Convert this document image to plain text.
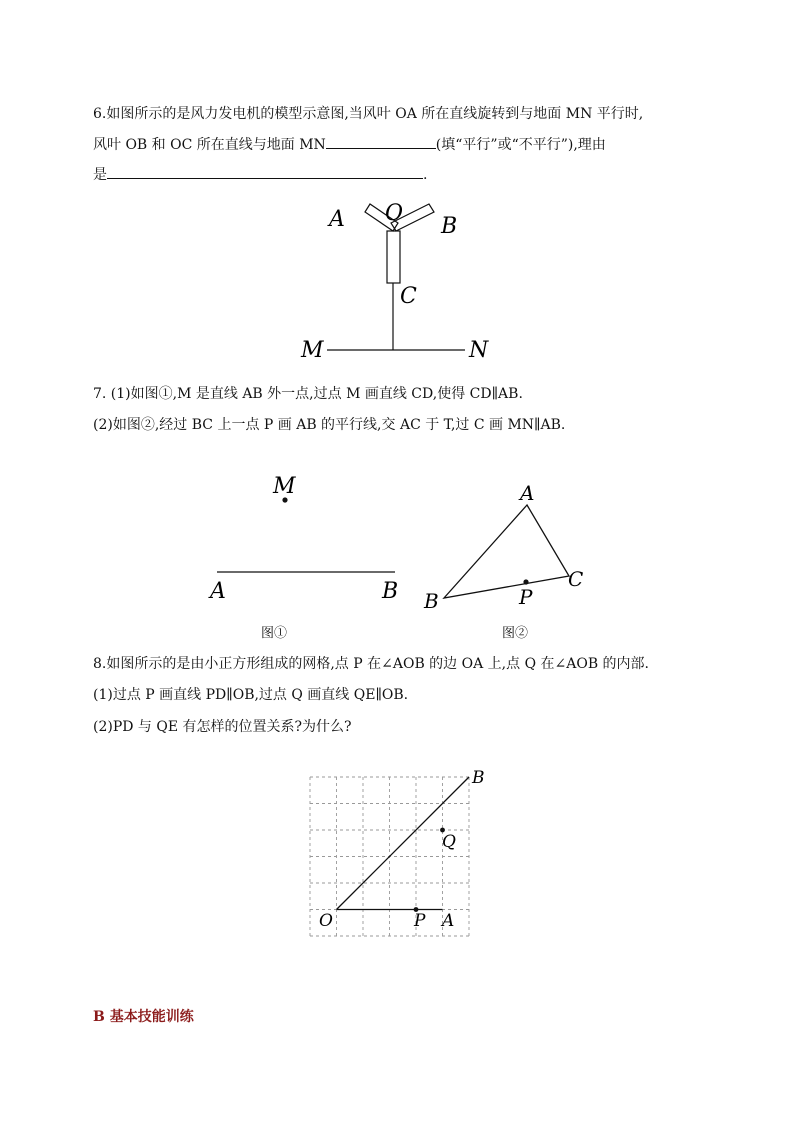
6.如图所示的是风力发电机的模型示意图,当风叶 OA 所在直线旋转到与地面 MN 平行时,
风叶 OB 和 OC 所在直线与地面 MN	(填“平行”或“不平行”),理由
是	.
A O
B
C
M	N
7. (1)如图①,M 是直线 AB 外一点,过点 M 画直线 CD,使得 CD∥AB.
(2)如图②,经过 BC 上一点 P 画 AB 的平行线,交 AC 于 T,过 C 画 MN∥AB.
M
A	B
图①
A
B
C
P
图②
8.如图所示的是由小正方形组成的网格,点 P 在∠AOB 的边 OA 上,点 Q 在∠AOB 的内部.
(1)过点 P 画直线 PD∥OB,过点 Q 画直线 QE∥OB.
(2)PD 与 QE 有怎样的位置关系?为什么?
O	P A
B
Q
B 基本技能训练
